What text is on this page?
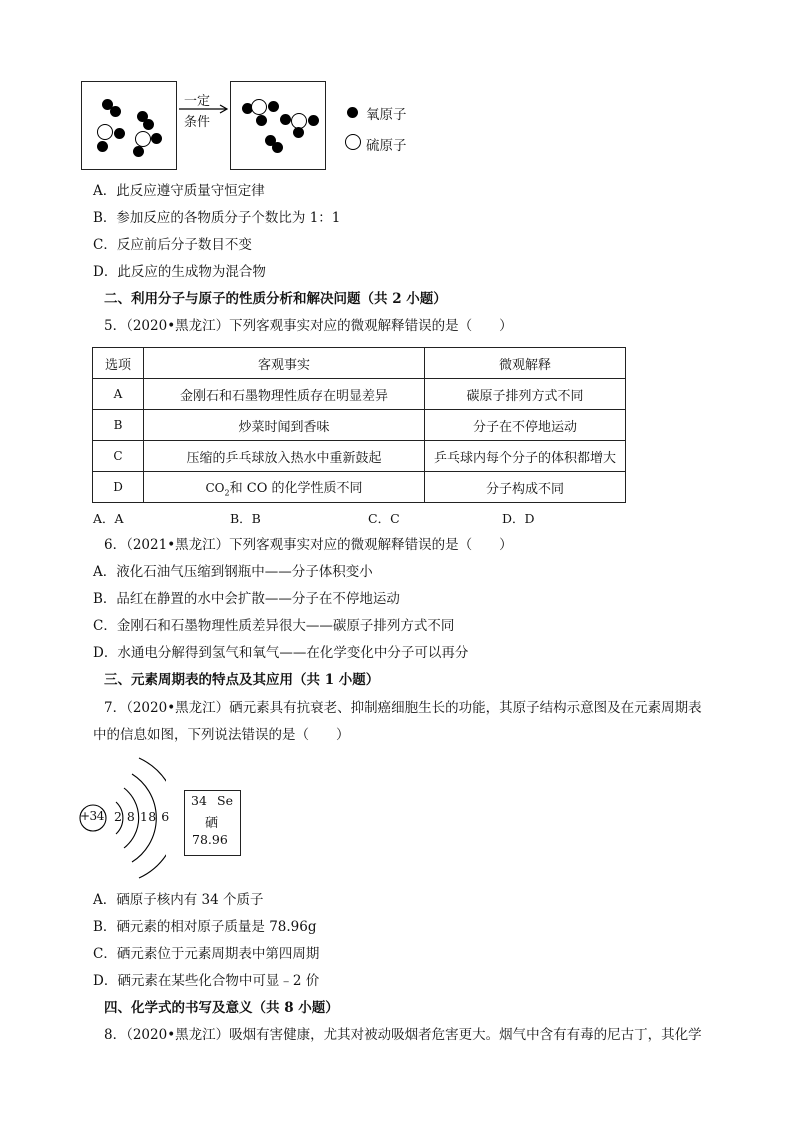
一定
条件	氧原子
硫原子
A．此反应遵守质量守恒定律
B．参加反应的各物质分子个数比为 1：1
C．反应前后分子数目不变
D．此反应的生成物为混合物
二、利用分子与原子的性质分析和解决问题（共 2 小题）
5．（2020•黑龙江）下列客观事实对应的微观解释错误的是（　　）
选项	客观事实	微观解释
A	金刚石和石墨物理性质存在明显差异	碳原子排列方式不同
B	炒菜时闻到香味	分子在不停地运动
C	压缩的乒乓球放入热水中重新鼓起	乒乓球内每个分子的体积都增大
D	$CO_2$和 CO 的化学性质不同	分子构成不同
A．A	B．B	C．C	D．D
6．（2021•黑龙江）下列客观事实对应的微观解释错误的是（　　）
A．液化石油气压缩到钢瓶中——分子体积变小
B．品红在静置的水中会扩散——分子在不停地运动
C．金刚石和石墨物理性质差异很大——碳原子排列方式不同
D．水通电分解得到氢气和氧气——在化学变化中分子可以再分
三、元素周期表的特点及其应用（共 1 小题）
7．（2020•黑龙江）硒元素具有抗衰老、抑制癌细胞生长的功能，其原子结构示意图及在元素周期表
中的信息如图，下列说法错误的是（　　）
+34 2 8 18 6
34 Se
硒
78.96
A．硒原子核内有 34 个质子
B．硒元素的相对原子质量是 78.96g
C．硒元素位于元素周期表中第四周期
D．硒元素在某些化合物中可显﹣2 价
四、化学式的书写及意义（共 8 小题）
8．（2020•黑龙江）吸烟有害健康，尤其对被动吸烟者危害更大。烟气中含有有毒的尼古丁，其化学
